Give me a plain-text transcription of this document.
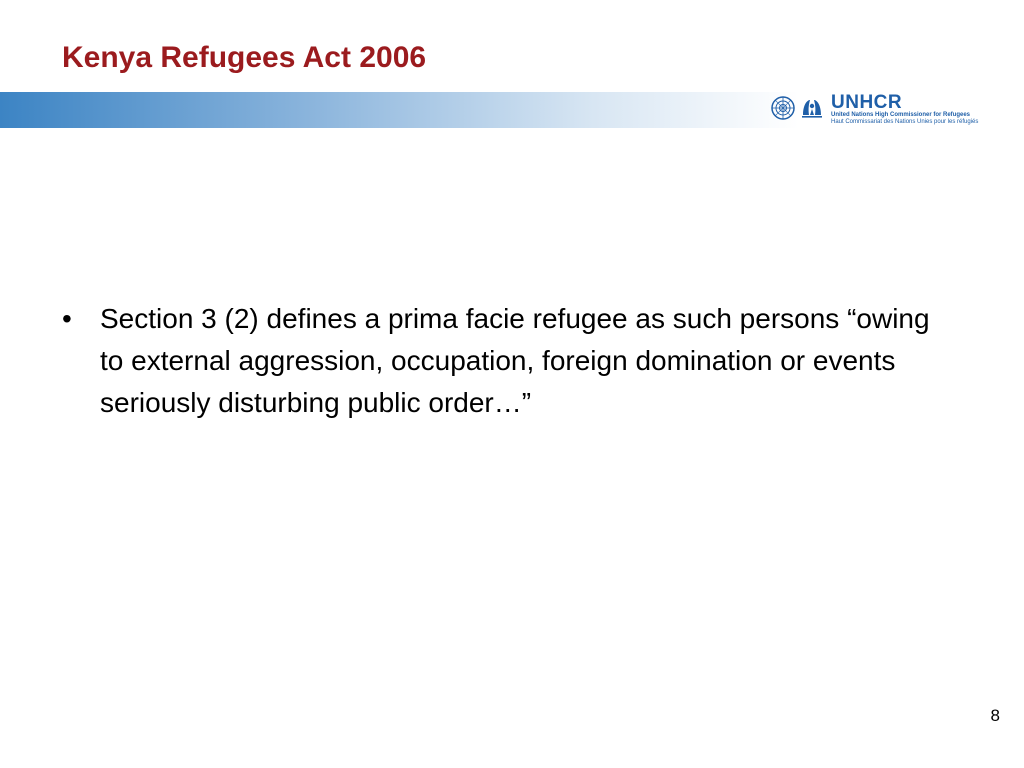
Kenya Refugees Act 2006
UNHCR
United Nations High Commissioner for Refugees
Haut Commissariat des Nations Unies pour les réfugiés
•	Section 3 (2) defines a prima facie refugee as such persons “owing to external aggression, occupation, foreign domination or events seriously disturbing public order…”
8
